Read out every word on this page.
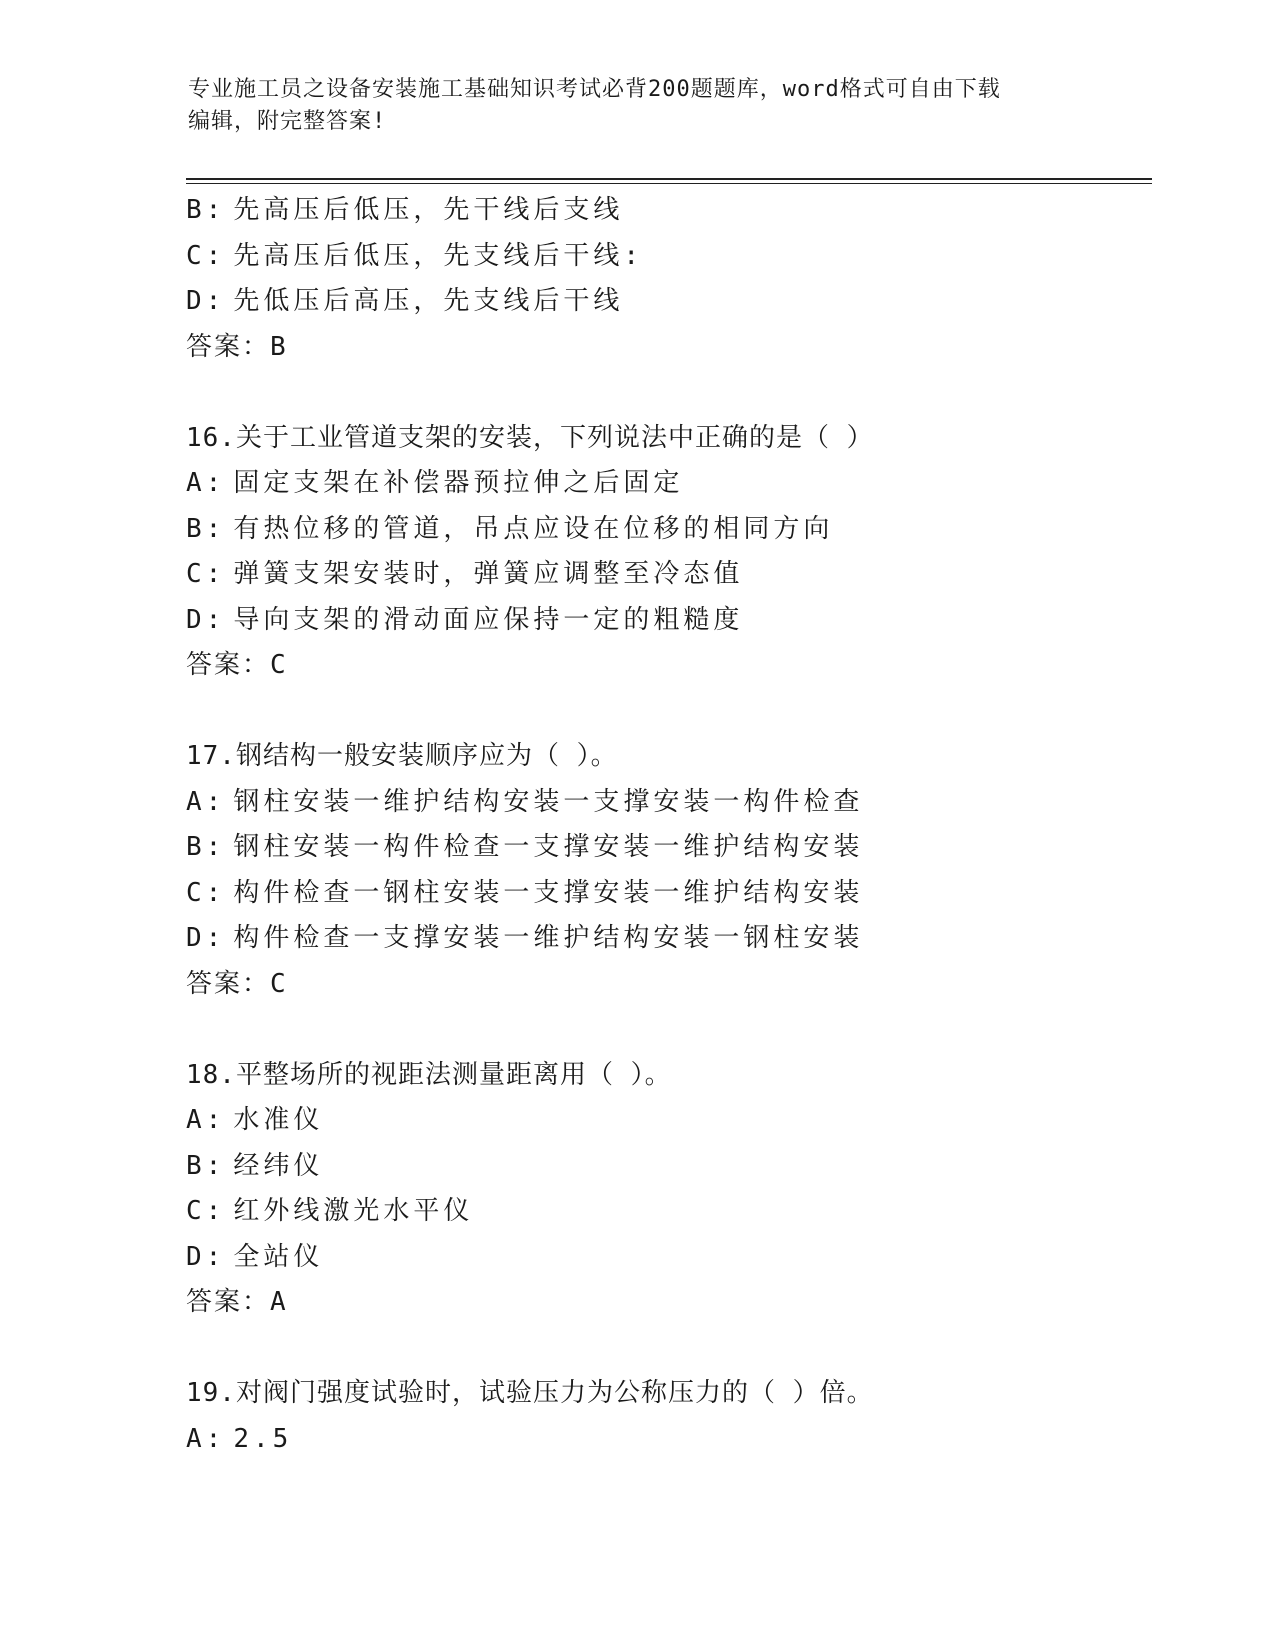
专业施工员之设备安装施工基础知识考试必背200题题库，word格式可自由下载
编辑，附完整答案!
B: 先高压后低压，先干线后支线
C: 先高压后低压，先支线后干线:
D: 先低压后高压，先支线后干线
答案：B
16.关于工业管道支架的安装，下列说法中正确的是（ ）
A: 固定支架在补偿器预拉伸之后固定
B: 有热位移的管道，吊点应设在位移的相同方向
C: 弹簧支架安装时，弹簧应调整至冷态值
D: 导向支架的滑动面应保持一定的粗糙度
答案：C
17.钢结构一般安装顺序应为（ ）。
A: 钢柱安装一维护结构安装一支撑安装一构件检查
B: 钢柱安装一构件检查一支撑安装一维护结构安装
C: 构件检查一钢柱安装一支撑安装一维护结构安装
D: 构件检查一支撑安装一维护结构安装一钢柱安装
答案：C
18.平整场所的视距法测量距离用（ ）。
A: 水准仪
B: 经纬仪
C: 红外线激光水平仪
D: 全站仪
答案：A
19.对阀门强度试验时，试验压力为公称压力的（ ）倍。
A: 2.5
